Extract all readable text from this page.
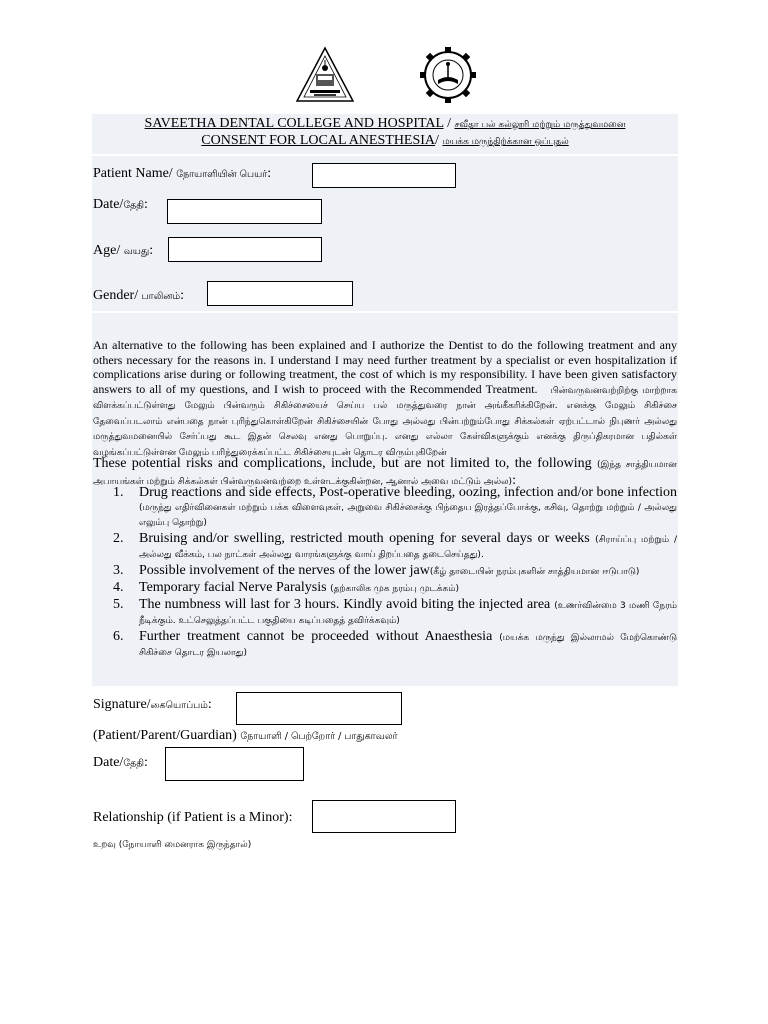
SAVEETHA DENTAL COLLEGE AND HOSPITAL / சவீதா பல் கல்லூரி மற்றும் மருத்துவமனை
CONSENT FOR LOCAL ANESTHESIA/ மயக்க மருந்திற்க்கான ஒப்புதல்
Patient Name/ நோயாளியின் பெயர்:
Date/தேதி:
Age/ வயது:
Gender/ பாலினம்:
An alternative to the following has been explained and I authorize the Dentist to do the following treatment and any others necessary for the reasons in. I understand I may need further treatment by a specialist or even hospitalization if complications arise during or following treatment, the cost of which is my responsibility. I have been given satisfactory answers to all of my questions, and I wish to proceed with the Recommended Treatment. பின்வருவனவற்றிற்கு மாற்றாக விளக்கப்பட்டுள்ளது மேலும் பின்வரும் சிகிச்சையைச் செய்ய பல் மருத்துவரை நான் அங்கீகரிக்கிறேன். எனக்கு மேலும் சிகிச்சை தேவைப்படலாம் என்பதை நான் புரிந்துகொள்கிறேன் சிகிச்சையின் போது அல்லது பின்பற்றும்போது சிக்கல்கள் ஏற்பட்டால் நிபுணர் அல்லது மருத்துவமனையில் சேர்ப்பது கூட இதன் செலவு எனது பொறுப்பு. எனது எல்லா கேள்விகளுக்கும் எனக்கு திருப்திகரமான பதில்கள் வழங்கப்பட்டுள்ளன மேலும் பரிந்துரைக்கப்பட்ட சிகிச்சையுடன் தொடர விரும்புகிறேன்
These potential risks and complications, include, but are not limited to, the following (இந்த சாத்தியமான அபாயங்கள் மற்றும் சிக்கல்கள் பின்வருவனவற்றை உள்ளடக்குகின்றன, ஆனால் அவை மட்டும் அல்ல):
1. Drug reactions and side effects, Post-operative bleeding, oozing, infection and/or bone infection (மருந்து எதிர்வினைகள் மற்றும் பக்க விளைவுகள், அறுவை சிகிச்சைக்கு பிந்தைய இரத்தப்போக்கு, கசிவு, தொற்று மற்றும் / அல்லது எலும்பு தொற்று)
2. Bruising and/or swelling, restricted mouth opening for several days or weeks (சிராய்ப்பு மற்றும் / அல்லது வீக்கம், பல நாட்கள் அல்லது வாரங்களுக்கு வாய் திறப்பதை தடைசெய்தது).
3. Possible involvement of the nerves of the lower jaw(கீழ் தாடையின் நரம்புகளின் சாத்தியமான ஈடுபாடு)
4. Temporary facial Nerve Paralysis (தற்காலிக முக நரம்பு முடக்கம்)
5. The numbness will last for 3 hours. Kindly avoid biting the injected area (உணர்வின்மை 3 மணி நேரம் நீடிக்கும். உட்செலுத்தப்பட்ட பகுதியை கடிப்பதைத் தவிர்க்கவும்)
6. Further treatment cannot be proceeded without Anaesthesia (மயக்க மருந்து இல்லாமல் மேற்கொண்டு சிகிச்சை தொடர இயலாது)
Signature/கையொப்பம்:
(Patient/Parent/Guardian) நோயாளி / பெற்றோர் / பாதுகாவலர்
Date/தேதி:
Relationship (if Patient is a Minor):
உறவு (நோயாளி மைனராக இருந்தால்)
